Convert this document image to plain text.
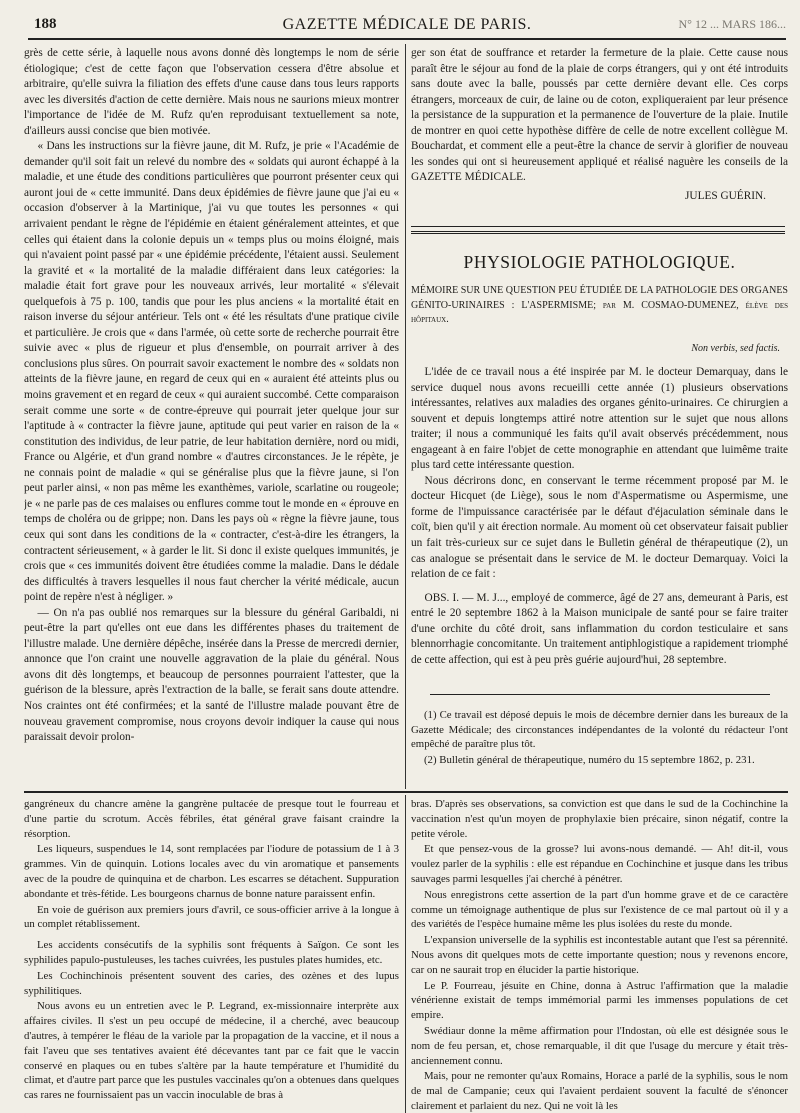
188	GAZETTE MÉDICALE DE PARIS.	N° 12 ... MARS 186...

grès de cette série, à laquelle nous avons donné dès longtemps le nom de série étiologique; c'est de cette façon que l'observation cessera d'être absolue et arbitraire, qu'elle suivra la filiation des effets d'une cause dans tous leurs rapports avec les diversités d'action de cette dernière. Mais nous ne saurions mieux montrer l'importance de l'idée de M. Rufz qu'en reproduisant textuellement sa note, d'ailleurs aussi concise que bien motivée.

« Dans les instructions sur la fièvre jaune, dit M. Rufz, je prie « l'Académie de demander qu'il soit fait un relevé du nombre des « soldats qui auront échappé à la maladie, et une étude des conditions particulières que pourront présenter ceux qui auront joui de « cette immunité. Dans deux épidémies de fièvre jaune que j'ai eu « occasion d'observer à la Martinique, j'ai vu que toutes les personnes « qui arrivaient pendant le règne de l'épidémie en étaient généralement atteintes, et que celles qui étaient dans la colonie depuis un « temps plus ou moins éloigné, mais qui n'avaient point passé par « une épidémie précédente, l'étaient aussi. Seulement la gravité et « la mortalité de la maladie différaient dans leux catégories: la maladie était fort grave pour les nouveaux arrivés, leur mortalité « s'élevait quelquefois à 75 p. 100, tandis que pour les plus anciens « la mortalité était en raison inverse du séjour antérieur. Tels ont « été les résultats d'une pratique civile et particulière. Je crois que « dans l'armée, où cette sorte de recherche pourrait être suivie avec « plus de rigueur et plus d'ensemble, on pourrait arriver à des conclusions plus sûres. On pourrait savoir exactement le nombre des « soldats non atteints de la fièvre jaune, en regard de ceux qui en « auraient été atteints plus ou moins gravement et en regard de ceux « qui auraient succombé. Cette comparaison serait comme une sorte « de contre-épreuve qui pourrait jeter quelque jour sur l'aptitude à « contracter la fièvre jaune, aptitude qui peut varier en raison de la « constitution des individus, de leur patrie, de leur habitation dernière, nord ou midi, France ou Algérie, et d'un grand nombre « d'autres circonstances. Je le répète, je ne connais point de maladie « qui se généralise plus que la fièvre jaune, si l'on peut parler ainsi, « non pas même les exanthèmes, variole, scarlatine ou rougeole; je « ne parle pas de ces malaises ou enflures comme tout le monde en « éprouve en temps de choléra ou de grippe; non. Dans les pays où « règne la fièvre jaune, tous ceux qui sont dans les conditions de la « contracter, c'est-à-dire les étrangers, la contractent sérieusement, « à garder le lit. Si donc il existe quelques immunités, je crois que « ces immunités doivent être étudiées comme la maladie. Dans le dédale des difficultés à travers lesquelles il nous faut chercher la vérité médicale, aucun point de repère n'est à négliger. »

— On n'a pas oublié nos remarques sur la blessure du général Garibaldi, ni peut-être la part qu'elles ont eue dans les différentes phases du traitement de l'illustre malade. Une dernière dépêche, insérée dans la Presse de mercredi dernier, annonce que l'on craint une nouvelle aggravation de la plaie du général. Nous avons dit dès longtemps, et beaucoup de personnes pourraient l'attester, que la guérison de la blessure, après l'extraction de la balle, se ferait sans doute attendre. Nos craintes ont été confirmées; et la santé de l'illustre malade pouvant être de nouveau gravement compromise, nous croyons devoir indiquer la cause qui nous paraissait devoir prolon-

ger son état de souffrance et retarder la fermeture de la plaie. Cette cause nous paraît être le séjour au fond de la plaie de corps étrangers, qui y ont été introduits sans doute avec la balle, poussés par cette dernière devant elle. Ces corps étrangers, morceaux de cuir, de laine ou de coton, expliqueraient par leur présence la persistance de la suppuration et la permanence de l'ouverture de la plaie. Inutile de montrer en quoi cette hypothèse diffère de celle de notre excellent collègue M. Bouchardat, et comment elle a peut-être la chance de servir à glorifier de nouveau les sondes qui ont si heureusement appliqué et réalisé naguère les conseils de la GAZETTE MÉDICALE.

JULES GUÉRIN.

PHYSIOLOGIE PATHOLOGIQUE.
MÉMOIRE SUR UNE QUESTION PEU ÉTUDIÉE DE LA PATHOLOGIE DES ORGANES GÉNITO-URINAIRES : L'ASPERMISME; par M. COSMAO-DUMENEZ, élève des hôpitaux.
Non verbis, sed factis.

L'idée de ce travail nous a été inspirée par M. le docteur Demarquay, dans le service duquel nous avons recueilli cette année (1) plusieurs observations intéressantes, relatives aux maladies des organes génito-urinaires. Ce chirurgien a souvent et depuis longtemps attiré notre attention sur le sujet que nous allons traiter; il nous a communiqué les faits qu'il avait observés précédemment, nous engageant à en faire l'objet de cette monographie en attendant que luimême traite plus tard cette intéressante question.

Nous décrirons donc, en conservant le terme récemment proposé par M. le docteur Hicquet (de Liège), sous le nom d'Aspermatisme ou Aspermisme, une forme de l'impuissance caractérisée par le défaut d'éjaculation séminale dans le coït, bien qu'il y ait érection normale. Au moment où cet observateur faisait publier un fait très-curieux sur ce sujet dans le Bulletin général de thérapeutique (2), un cas analogue se présentait dans le service de M. le docteur Demarquay. Voici la relation de ce fait :

OBS. I. — M. J..., employé de commerce, âgé de 27 ans, demeurant à Paris, est entré le 20 septembre 1862 à la Maison municipale de santé pour se faire traiter d'une orchite du côté droit, sans inflammation du cordon testiculaire et sans blennorrhagie concomitante. Un traitement antiphlogistique a rapidement triomphé de cette affection, qui est à peu près guérie aujourd'hui, 28 septembre.

(1) Ce travail est déposé depuis le mois de décembre dernier dans les bureaux de la Gazette Médicale; des circonstances indépendantes de la volonté du rédacteur l'ont empêché de paraître plus tôt.

(2) Bulletin général de thérapeutique, numéro du 15 septembre 1862, p. 231.

gangréneux du chancre amène la gangrène pultacée de presque tout le fourreau et d'une partie du scrotum. Accès fébriles, état général grave faisant craindre la résorption.

Les liqueurs, suspendues le 14, sont remplacées par l'iodure de potassium de 1 à 3 grammes. Vin de quinquin. Lotions locales avec du vin aromatique et pansements avec de la poudre de quinquina et de charbon. Les escarres se détachent. Suppuration abondante et très-fétide. Les bourgeons charnus de bonne nature paraissent enfin.

En voie de guérison aux premiers jours d'avril, ce sous-officier arrive à la longue à un complet rétablissement.

Les accidents consécutifs de la syphilis sont fréquents à Saïgon. Ce sont les syphilides papulo-pustuleuses, les taches cuivrées, les pustules plates humides, etc.

Les Cochinchinois présentent souvent des caries, des ozènes et des lupus syphilitiques.

Nous avons eu un entretien avec le P. Legrand, ex-missionnaire interprète aux affaires civiles. Il s'est un peu occupé de médecine, il a cherché, avec beaucoup d'autres, à tempérer le fléau de la variole par la propagation de la vaccine, et il nous a fait l'aveu que ses tentatives avaient été décevantes tant par ce fait que le vaccin conservé en plaques ou en tubes s'altère par la haute température et l'humidité du climat, et d'autre part parce que les pustules vaccinales qu'on a obtenues dans quelques cas rares ne fournissaient pas un vaccin inoculable de bras à

bras. D'après ses observations, sa conviction est que dans le sud de la Cochinchine la vaccination n'est qu'un moyen de prophylaxie bien précaire, sinon négatif, contre la petite vérole.

Et que pensez-vous de la grosse? lui avons-nous demandé. — Ah! dit-il, vous voulez parler de la syphilis : elle est répandue en Cochinchine et jusque dans les tribus sauvages parmi lesquelles j'ai cherché à pénétrer.

Nous enregistrons cette assertion de la part d'un homme grave et de ce caractère comme un témoignage authentique de plus sur l'existence de ce mal partout où il y a des variétés de l'espèce humaine même les plus isolées du reste du monde.

L'expansion universelle de la syphilis est incontestable autant que l'est sa pérennité. Nous avons dit quelques mots de cette importante question; nous y revenons encore, car on ne saurait trop en élucider la partie historique.

Le P. Fourreau, jésuite en Chine, donna à Astruc l'affirmation que la maladie vénérienne existait de temps immémorial parmi les immenses populations de cet empire.

Swédiaur donne la même affirmation pour l'Indostan, où elle est désignée sous le nom de feu persan, et, chose remarquable, il dit que l'usage du mercure y était très-anciennement connu.

Mais, pour ne remonter qu'aux Romains, Horace a parlé de la syphilis, sous le nom de mal de Campanie; ceux qui l'avaient perdaient souvent la faculté de s'énoncer clairement et parlaient du nez. Qui ne voit là les
